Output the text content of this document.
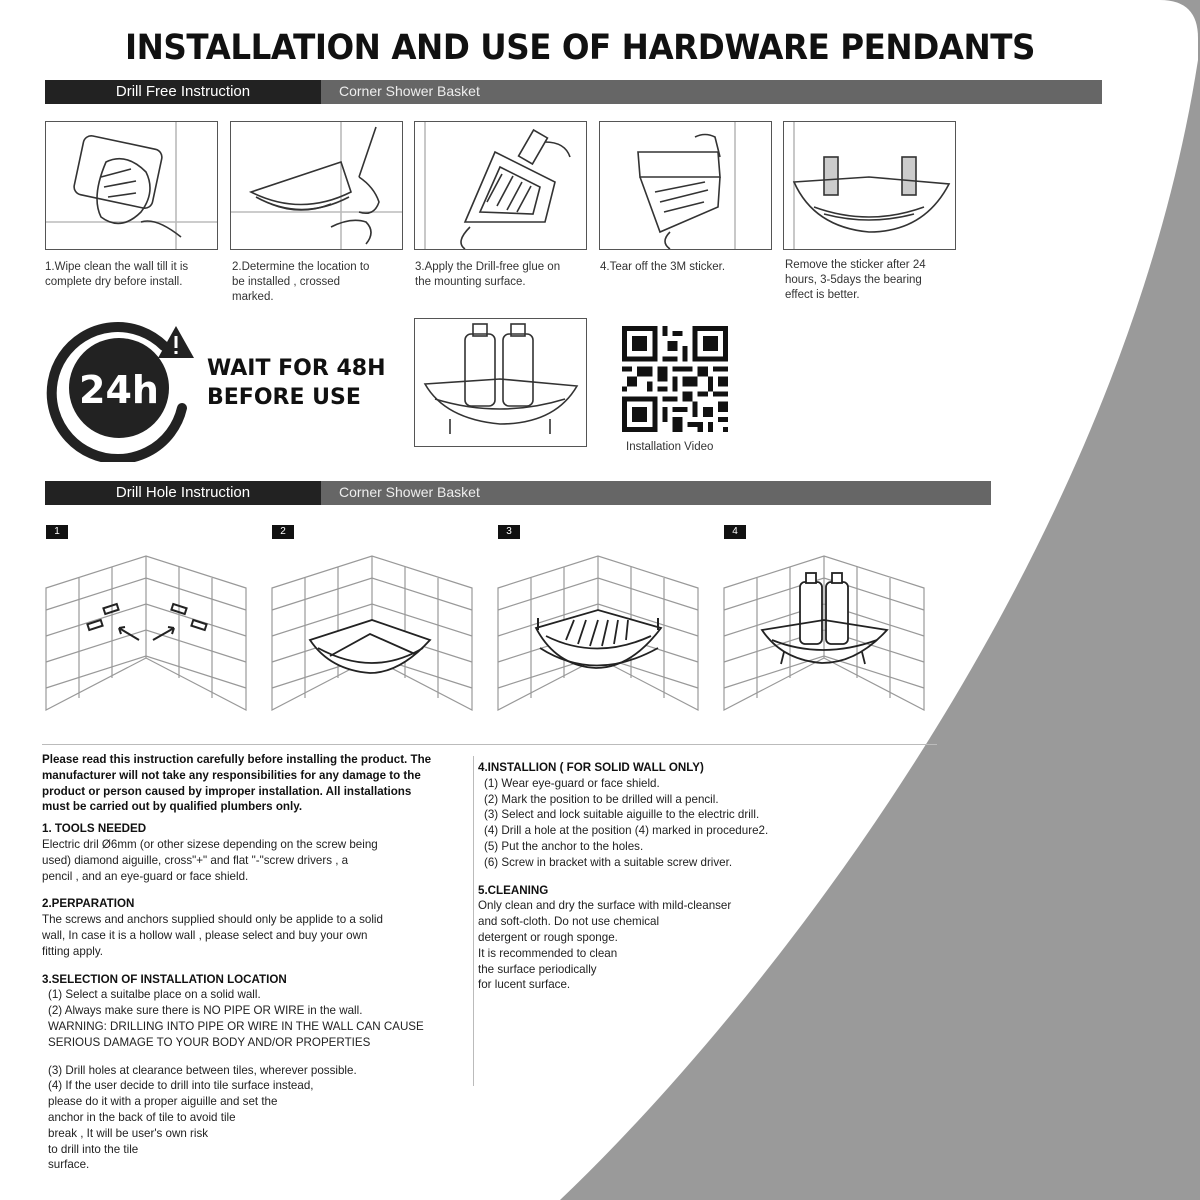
INSTALLATION AND USE OF HARDWARE PENDANTS
Drill Free Instruction	Corner Shower Basket
1.Wipe clean the wall till it is complete dry before install.
2.Determine the location to be installed , crossed marked.
3.Apply the Drill-free glue on the mounting surface.
4.Tear off the 3M sticker.	Remove the sticker after 24 hours, 3-5days the bearing effect is better.
24h WAIT FOR 48H
BEFORE USE
Installation Video
Drill Hole Instruction	Corner Shower Basket
1	2	3	4
Please read this instruction carefully before installing the product. The
manufacturer will not take any responsibilities for any damage to the
product or person caused by improper installation. All installations
must be carried out by qualified plumbers only.
1. TOOLS NEEDED
Electric dril Ø6mm (or other sizese depending on the screw being
used) diamond aiguille, cross"+" and flat "-"screw drivers , a
pencil , and an eye-guard or face shield.
2.PERPARATION
The screws and anchors supplied should only be applide to a solid
wall, In case it is a hollow wall , please select and buy your own
fitting apply.
3.SELECTION OF INSTALLATION LOCATION
(1) Select a suitalbe place on a solid wall.
(2) Always make sure there is NO PIPE OR WIRE in the wall.
WARNING: DRILLING INTO PIPE OR WIRE IN THE WALL CAN CAUSE
SERIOUS DAMAGE TO YOUR BODY AND/OR PROPERTIES
(3) Drill holes at clearance between tiles, wherever possible.
(4) If the user decide to drill into tile surface instead,
please do it with a proper aiguille and set the
anchor in the back of tile to avoid tile
break , It will be user's own risk
to drill into the tile
surface.
4.INSTALLION ( FOR SOLID WALL ONLY)
(1) Wear eye-guard or face shield.
(2) Mark the position to be drilled will a pencil.
(3) Select and lock suitable aiguille to the electric drill.
(4) Drill a hole at the position (4) marked in procedure2.
(5) Put the anchor to the holes.
(6) Screw in bracket with a suitable screw driver.
5.CLEANING
Only clean and dry the surface with mild-cleanser
and soft-cloth. Do not use chemical
detergent or rough sponge.
It is recommended to clean
the surface periodically
for lucent surface.
